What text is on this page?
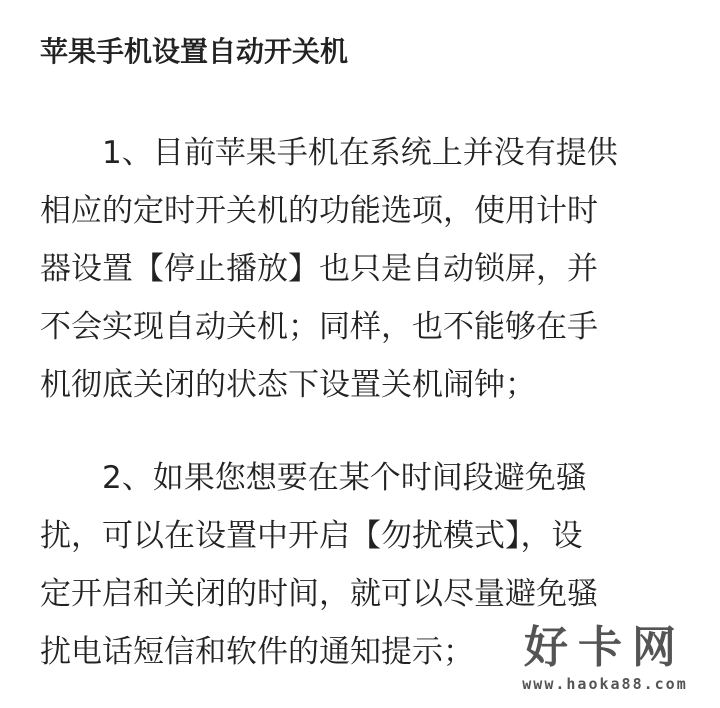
苹果手机设置自动开关机

1、目前苹果手机在系统上并没有提供
相应的定时开关机的功能选项，使用计时
器设置【停止播放】也只是自动锁屏，并
不会实现自动关机；同样，也不能够在手
机彻底关闭的状态下设置关机闹钟；

2、如果您想要在某个时间段避免骚
扰，可以在设置中开启【勿扰模式】，设
定开启和关闭的时间，就可以尽量避免骚
扰电话短信和软件的通知提示；	好卡网
www.haoka88.com
